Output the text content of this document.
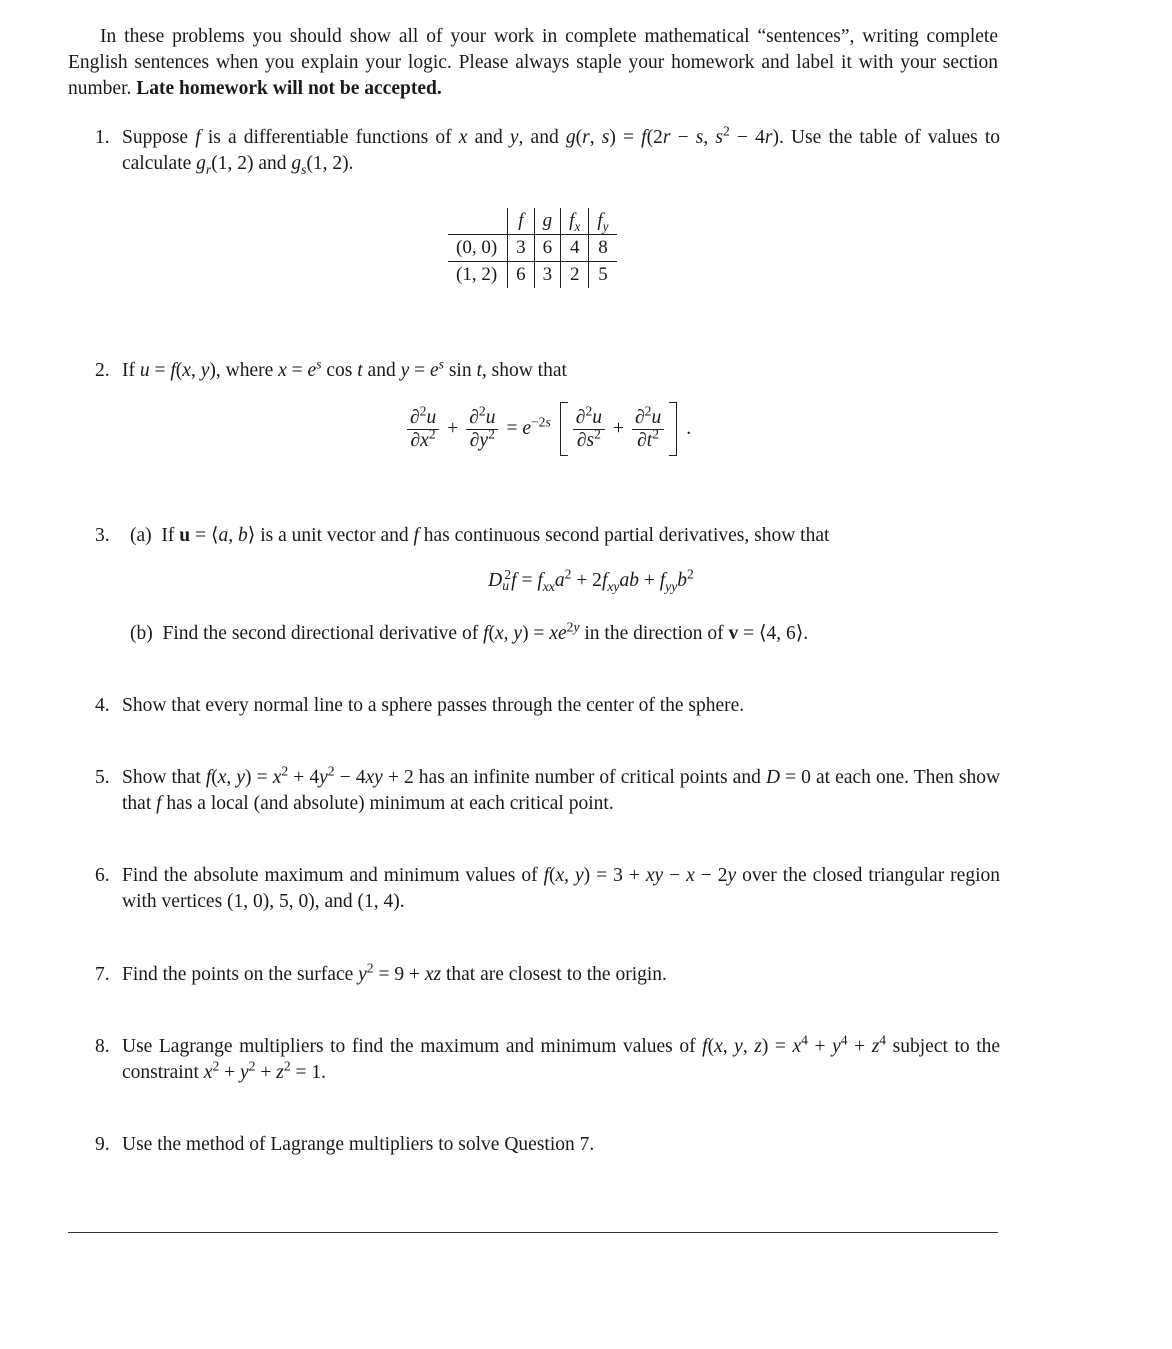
In these problems you should show all of your work in complete mathematical “sentences”, writing complete English sentences when you explain your logic. Please always staple your homework and label it with your section number. Late homework will not be accepted.
1. Suppose f is a differentiable functions of x and y, and g(r, s) = f(2r − s, $s^2 - 4r$). Use the table of values to calculate $g_r(1$, 2) and $g_s(1$, 2).
	f	g	$f_x$	$f_y$
(0, 0)	3	6	4	8
(1, 2)	6	3	2	5
2. If u = f(x, y), where $x = e^s$ cos t and $y = e^s$ sin t, show that
$\frac{\partial^2u}{\partial x^2} + \frac{\partial^2u}{\partial y^2} = e^{-2s} \frac{\partial^2u}{\partial s^2} + \frac{\partial^2u}{\partial t^2}$ .
3. (a) If u = ⟨a, b⟩ is a unit vector and f has continuous second partial derivatives, show that
$D_u^2f = f_{xx}a^2 + 2f_{xy}ab + f_{yy}b^2$
(b) Find the second directional derivative of f(x, $y) = xe^{2y}$ in the direction of v = ⟨4, 6⟩.
4. Show that every normal line to a sphere passes through the center of the sphere.
5. Show that f(x, $y) = x^2 + 4y^2 - 4xy + 2$ has an infinite number of critical points and D = 0 at each one. Then show that f has a local (and absolute) minimum at each critical point.
6. Find the absolute maximum and minimum values of f(x, y) = 3 + xy − x − 2y over the closed triangular region with vertices (1, 0), 5, 0), and (1, 4).
7. Find the points on the surface $y^2 = 9$ + xz that are closest to the origin.
8. Use Lagrange multipliers to find the maximum and minimum values of f(x, y, $z) = x^4 + y^4 + z^4$ subject to the constraint $x^2 + y^2 + z^2 = 1$.
9. Use the method of Lagrange multipliers to solve Question 7.
